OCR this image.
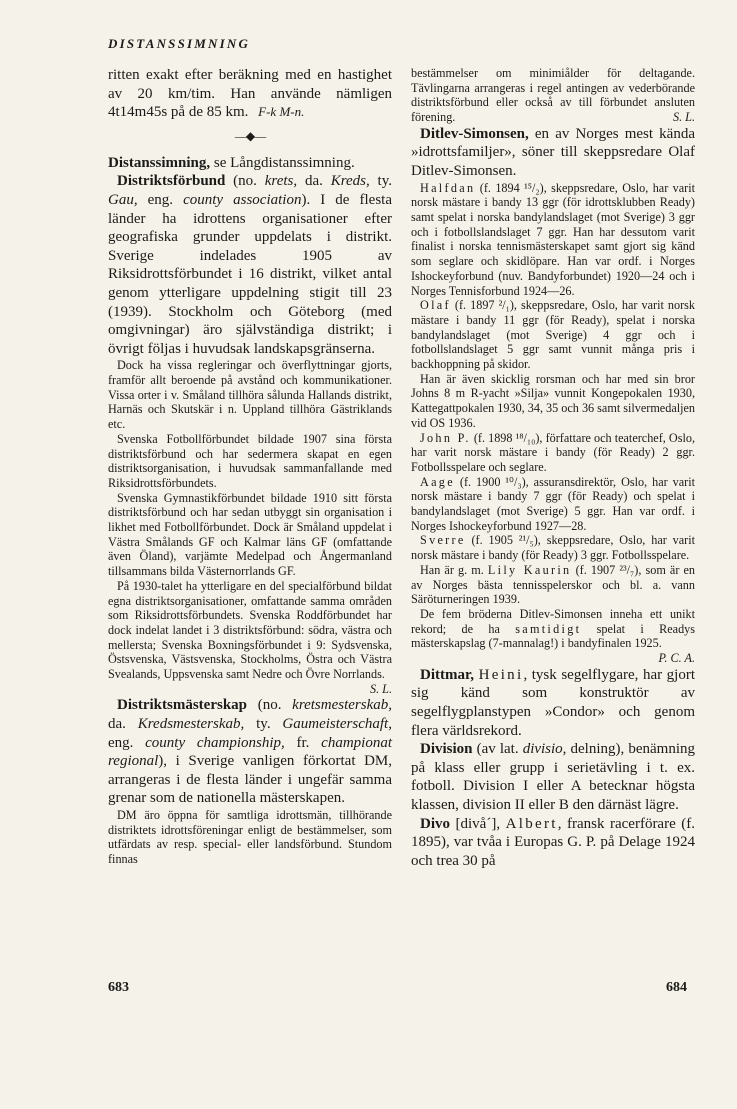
DISTANSSIMNING

ritten exakt efter beräkning med en hastighet av 20 km/tim. Han använde nämligen 4t14m45s på de 85 km. F-k M-n.

—◆—

Distanssimning, se Långdistanssimning.

Distriktsförbund (no. krets, da. Kreds, ty. Gau, eng. county association). I de flesta länder ha idrottens organisationer efter geografiska grunder uppdelats i distrikt. Sverige indelades 1905 av Riksidrottsförbundet i 16 distrikt, vilket antal genom ytterligare uppdelning stigit till 23 (1939). Stockholm och Göteborg (med omgivningar) äro självständiga distrikt; i övrigt följas i huvudsak landskapsgränserna.

Dock ha vissa regleringar och överflyttningar gjorts, framför allt beroende på avstånd och kommunikationer. Vissa orter i v. Småland tillhöra sålunda Hallands distrikt, Harnäs och Skutskär i n. Uppland tillhöra Gästriklands etc.

Svenska Fotbollförbundet bildade 1907 sina första distriktsförbund och har sedermera skapat en egen distriktsorganisation, i huvudsak sammanfallande med Riksidrottsförbundets.

Svenska Gymnastikförbundet bildade 1910 sitt första distriktsförbund och har sedan utbyggt sin organisation i likhet med Fotbollförbundet. Dock är Småland uppdelat i Västra Smålands GF och Kalmar läns GF (omfattande även Öland), varjämte Medelpad och Ångermanland tillsammans bilda Västernorrlands GF.

På 1930-talet ha ytterligare en del specialförbund bildat egna distriktsorganisationer, omfattande samma områden som Riksidrottsförbundets. Svenska Roddförbundet har dock indelat landet i 3 distriktsförbund: södra, västra och mellersta; Svenska Boxningsförbundet i 9: Sydsvenska, Östsvenska, Västsvenska, Stockholms, Östra och Västra Svealands, Uppsvenska samt Nedre och Övre Norrlands.
S. L.

Distriktsmästerskap (no. kretsmesterskab, da. Kredsmesterskab, ty. Gaumeisterschaft, eng. county championship, fr. championat regional), i Sverige vanligen förkortat DM, arrangeras i de flesta länder i ungefär samma grenar som de nationella mästerskapen.

DM äro öppna för samtliga idrottsmän, tillhörande distriktets idrottsföreningar enligt de bestämmelser, som utfärdats av resp. special- eller landsförbund. Stundom finnas

bestämmelser om minimiålder för deltagande. Tävlingarna arrangeras i regel antingen av vederbörande distriktsförbund eller också av till förbundet ansluten förening.	S. L.

Ditlev-Simonsen, en av Norges mest kända »idrottsfamiljer», söner till skeppsredare Olaf Ditlev-Simonsen.

Halfdan (f. 1894 ¹⁵/₂), skeppsredare, Oslo, har varit norsk mästare i bandy 13 ggr (för idrottsklubben Ready) samt spelat i norska bandylandslaget (mot Sverige) 3 ggr och i fotbollslandslaget 7 ggr. Han har dessutom varit finalist i norska tennismästerskapet samt gjort sig känd som seglare och skidlöpare. Han var ordf. i Norges Ishockeyforbund (nuv. Bandyforbundet) 1920—24 och i Norges Tennisforbund 1924—26.

Olaf (f. 1897 ²/₁), skeppsredare, Oslo, har varit norsk mästare i bandy 11 ggr (för Ready), spelat i norska bandylandslaget (mot Sverige) 4 ggr och i fotbollslandslaget 5 ggr samt vunnit många pris i backhoppning på skidor.

Han är även skicklig rorsman och har med sin bror Johns 8 m R-yacht »Silja» vunnit Kongepokalen 1930, Kattegattpokalen 1930, 34, 35 och 36 samt silvermedaljen vid OS 1936.

John P. (f. 1898 ¹⁸/₁₀), författare och teaterchef, Oslo, har varit norsk mästare i bandy (för Ready) 2 ggr. Fotbollsspelare och seglare.

Aage (f. 1900 ¹⁰/₃), assuransdirektör, Oslo, har varit norsk mästare i bandy 7 ggr (för Ready) och spelat i bandylandslaget (mot Sverige) 5 ggr. Han var ordf. i Norges Ishockeyforbund 1927—28.

Sverre (f. 1905 ²¹/₅), skeppsredare, Oslo, har varit norsk mästare i bandy (för Ready) 3 ggr. Fotbollsspelare.

Han är g. m. Lily Kaurin (f. 1907 ²³/₇), som är en av Norges bästa tennisspelerskor och bl. a. vann Säröturneringen 1939.

De fem bröderna Ditlev-Simonsen inneha ett unikt rekord; de ha samtidigt spelat i Readys mästerskapslag (7-mannalag!) i bandyfinalen 1925.
P. C. A.

Dittmar, Heini, tysk segelflygare, har gjort sig känd som konstruktör av segelflygplanstypen »Condor» och genom flera världsrekord.

Division (av lat. divisio, delning), benämning på klass eller grupp i serietävling i t. ex. fotboll. Division I eller A betecknar högsta klassen, division II eller B den därnäst lägre.

Divo [divå´], Albert, fransk racerförare (f. 1895), var tvåa i Europas G. P. på Delage 1924 och trea 30 på

683	684
